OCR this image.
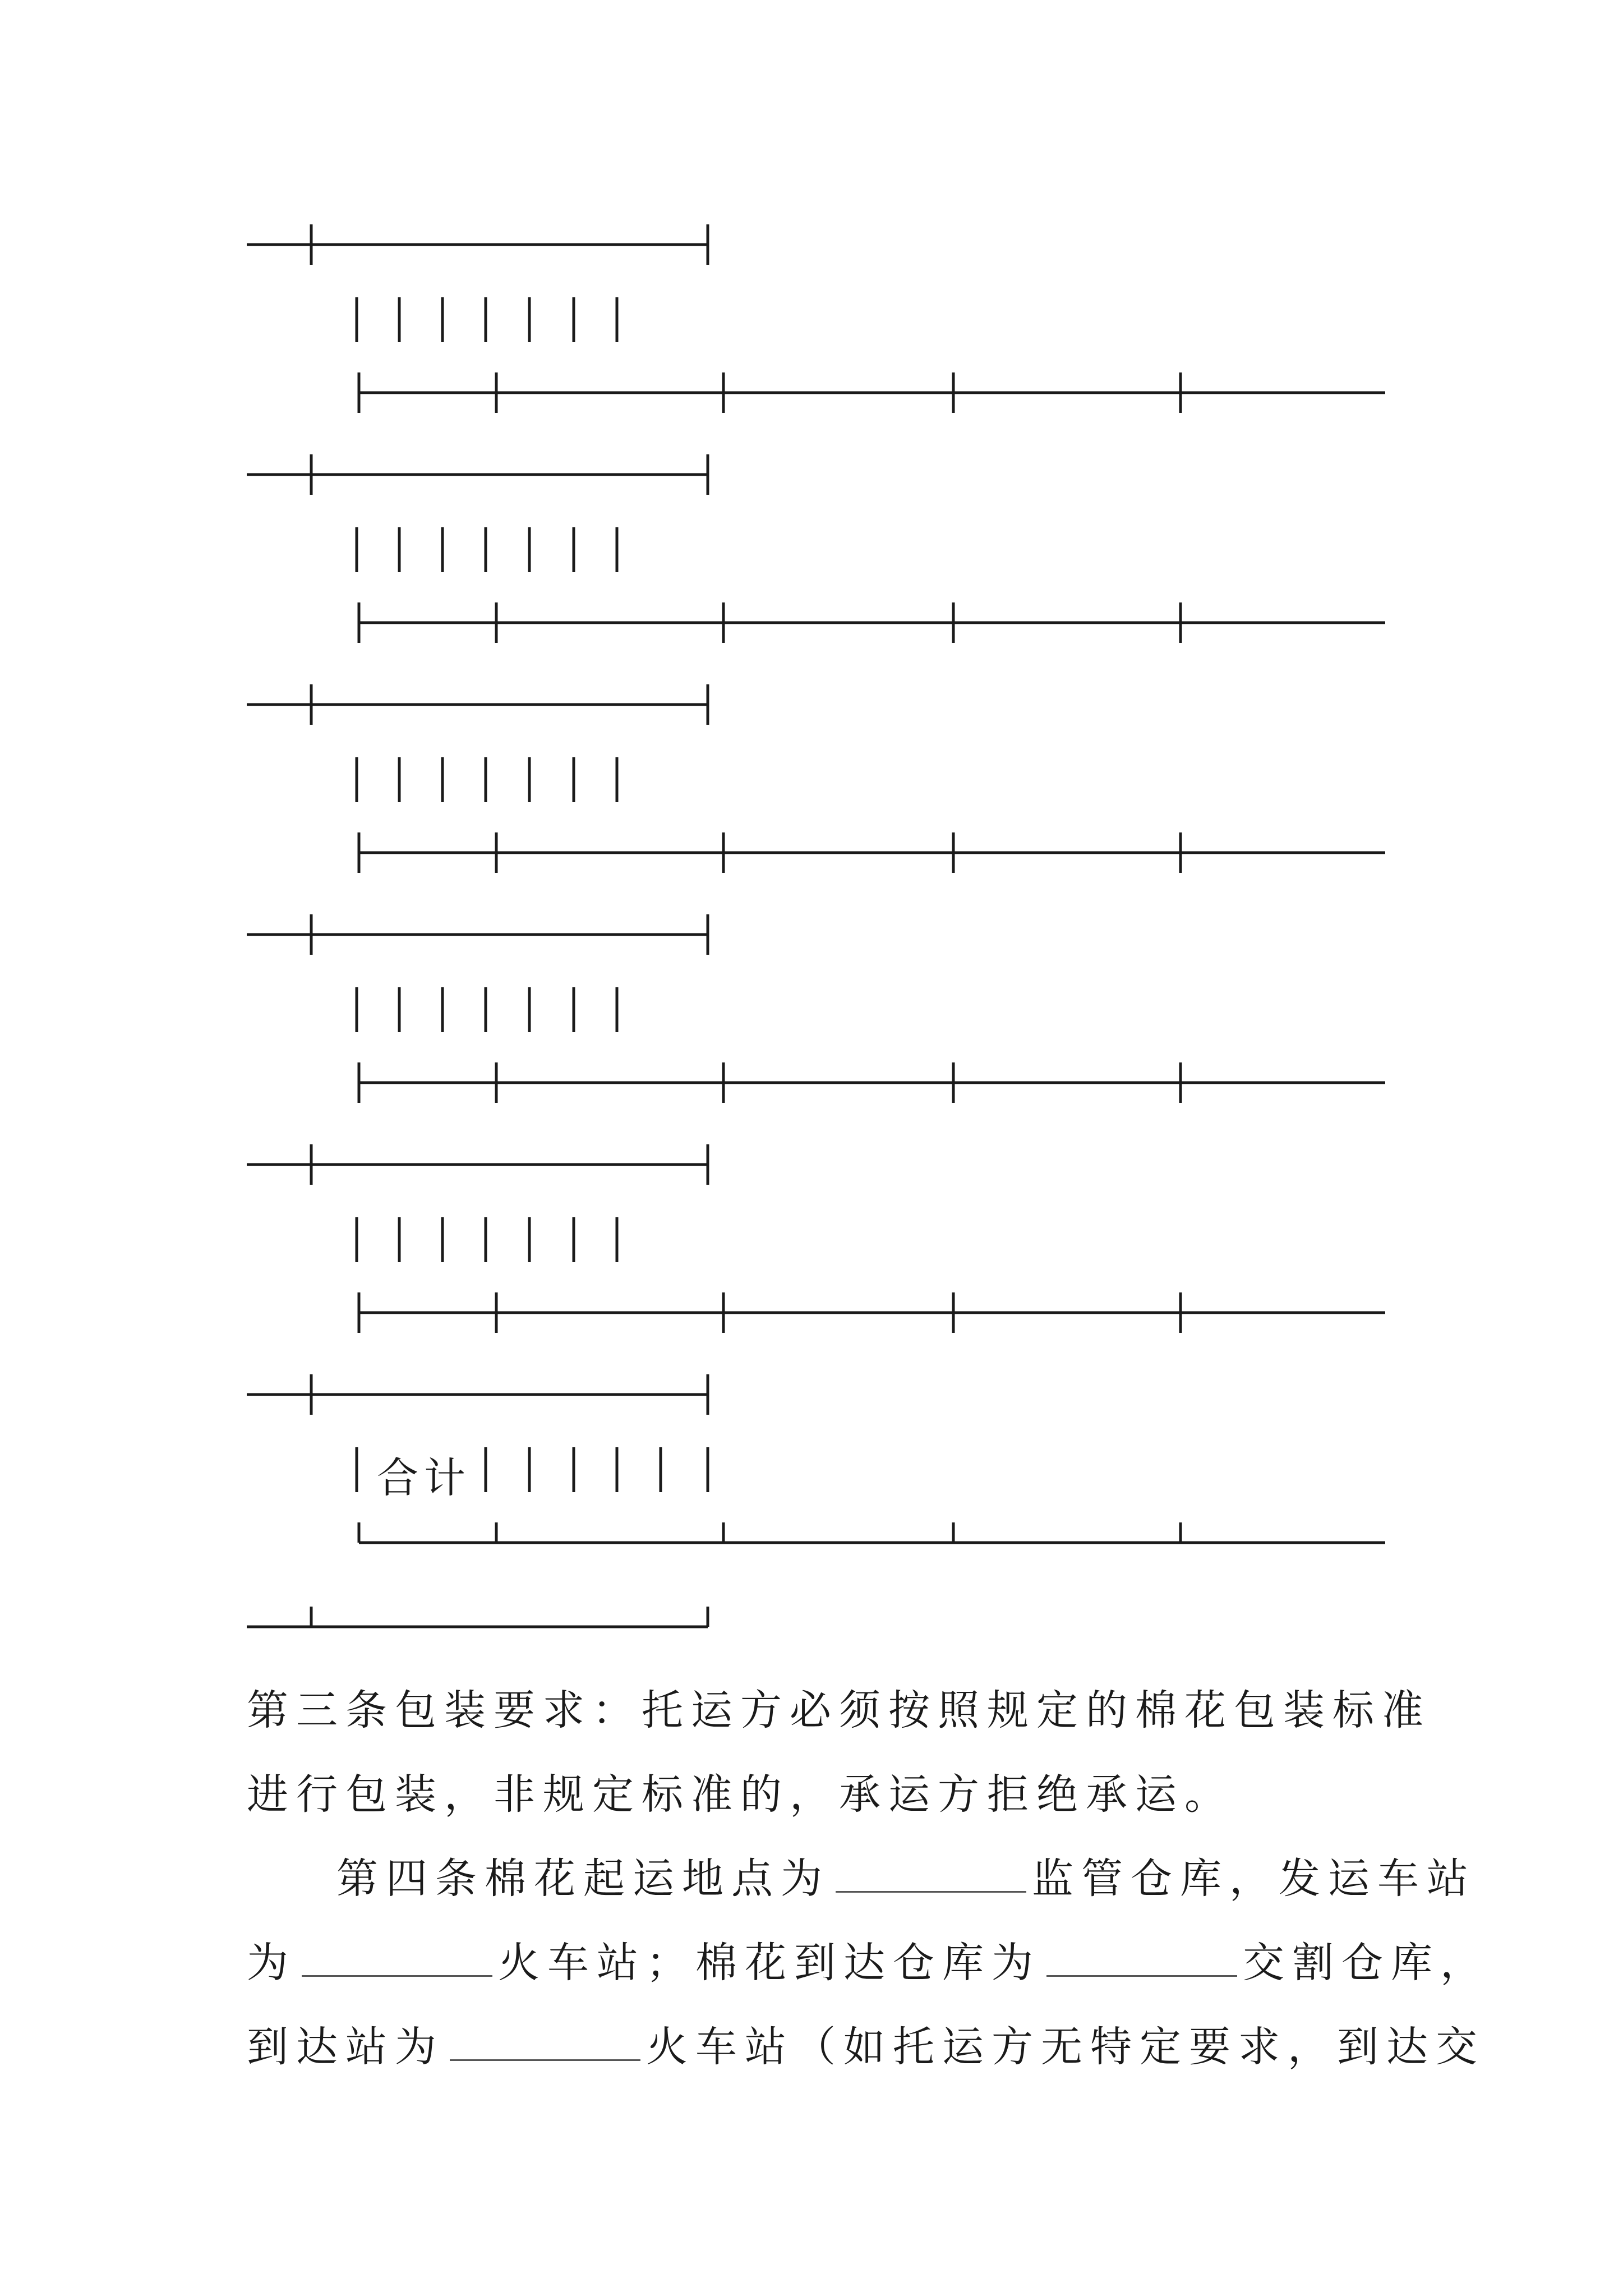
合计
第三条包装要求：托运方必须按照规定的棉花包装标准
进行包装，非规定标准的，承运方拒绝承运。
第四条棉花起运地点为	监管仓库，发运车站
为	火车站；棉花到达仓库为	交割仓库，
到达站为	火车站（如托运方无特定要求，到达交
